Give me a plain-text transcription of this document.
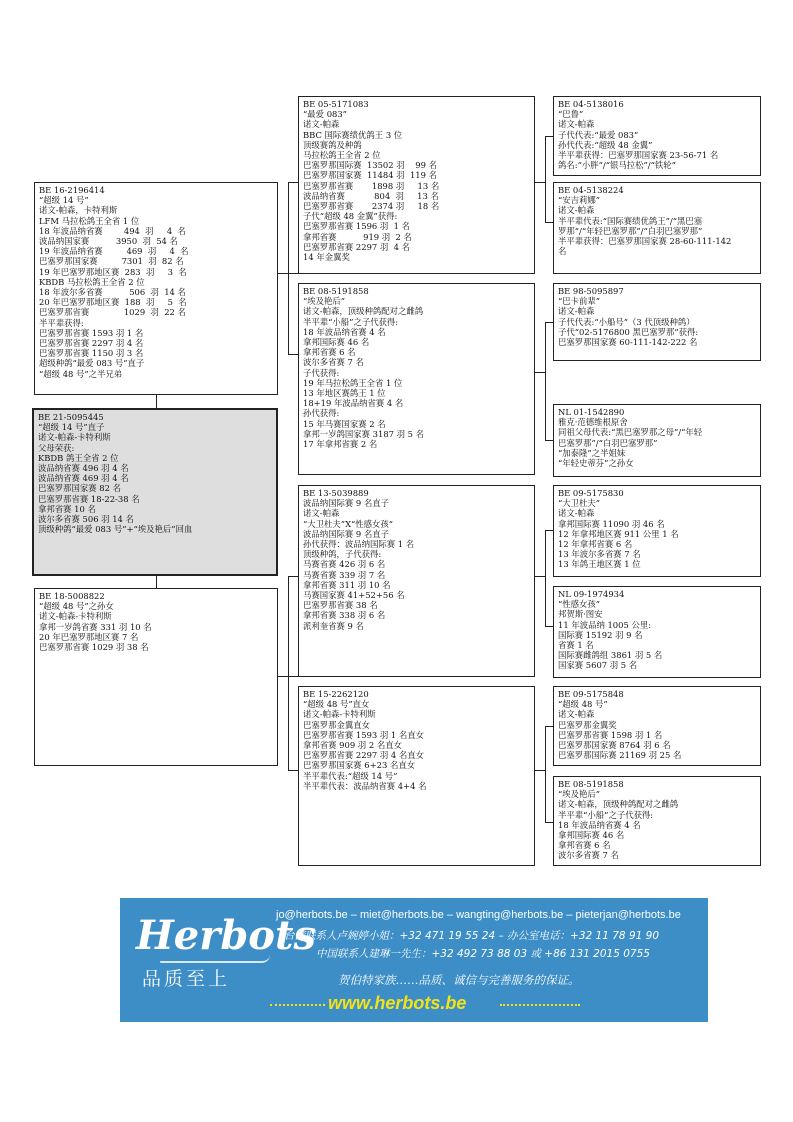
BE 16-2196414
“超级 14 号”
诺文-帕森，卡特利斯
LFM 马拉松鸽王全省 1 位
18 年波品纳省赛        494  羽     4  名
波品纳国家赛          3950  羽  54 名
19 年波品纳省赛         469  羽     4  名
巴塞罗那国家赛         7301  羽  82 名
19 年巴塞罗那地区赛  283  羽     3  名
KBDB 马拉松鸽王全省 2 位
18 年波尔多省赛          506  羽  14 名
20 年巴塞罗那地区赛  188  羽     5  名
巴塞罗那省赛             1029  羽  22 名
半平辈获得:
巴塞罗那省赛 1593 羽 1 名
巴塞罗那省赛 2297 羽 4 名
巴塞罗那省赛 1150 羽 3 名
超级种鸽“最爱 083 号”直子
“超级 48 号”之半兄弟
BE 21-5095445
“超级 14 号”直子
诺文-帕森-卡特利斯
父母荣获:
KBDB 鸽王全省 2 位
波品纳省赛 496 羽 4 名
波品纳省赛 469 羽 4 名
巴塞罗那国家赛 82 名
巴塞罗那省赛 18-22-38 名
拿邦省赛 10 名
波尔多省赛 506 羽 14 名
顶级种鸽“最爱 083 号”+“埃及艳后”回血
BE 18-5008822
“超级 48 号”之孙女
诺文-帕森-卡特利斯
拿邦一岁鸽省赛 331 羽 10 名
20 年巴塞罗那地区赛 7 名
巴塞罗那省赛 1029 羽 38 名
BE 05-5171083
“最爱 083”
诺文-帕森
BBC 国际赛绩优鸽王 3 位
顶级赛鸽及种鸽
马拉松鸽王全省 2 位
巴塞罗那国际赛  13502 羽    99 名
巴塞罗那国家赛  11484 羽  119 名
巴塞罗那省赛       1898 羽     13 名
波品纳省赛           804  羽     13 名
巴塞罗那省赛       2374 羽     18 名
子代“超级 48 金翼”获得:
巴塞罗那省赛 1596 羽  1 名
拿邦省赛          919 羽  2 名
巴塞罗那省赛 2297 羽  4 名
14 年金翼奖
BE 08-5191858
“埃及艳后”
诺文-帕森，顶级种鸽配对之雌鸽
半平辈“小船”之子代获得:
18 年波品纳省赛 4 名
拿邦国际赛 46 名
拿邦省赛 6 名
波尔多省赛 7 名
子代获得:
19 年马拉松鸽王全省 1 位
13 年地区赛鸽王 1 位
18+19 年波品纳省赛 4 名
孙代获得:
15 年马赛国家赛 2 名
拿邦一岁鸽国家赛 3187 羽 5 名
17 年拿邦省赛 2 名
BE 13-5039889
波品纳国际赛 9 名直子
诺文-帕森
“大卫杜夫”X“性感女孩”
波品纳国际赛 9 名直子
孙代获得：波品纳国际赛 1 名
顶级种鸽，子代获得:
马赛省赛 426 羽 6 名
马赛省赛 339 羽 7 名
拿邦省赛 311 羽 10 名
马赛国家赛 41+52+56 名
巴塞罗那省赛 38 名
拿邦省赛 338 羽 6 名
派利奎省赛 9 名
BE 15-2262120
“超级 48 号”直女
诺文-帕森-卡特利斯
巴塞罗那金翼直女
巴塞罗那省赛 1593 羽 1 名直女
拿邦省赛 909 羽 2 名直女
巴塞罗那省赛 2297 羽 4 名直女
巴塞罗那国家赛 6+23 名直女
半平辈代表:“超级 14 号”
半平辈代表：波品纳省赛 4+4 名
BE 04-5138016
“巴鲁”
诺文-帕森
子代代表:“最爱 083”
孙代代表:“超级 48 金翼”
半平辈获得：巴塞罗那国家赛 23-56-71 名
鸽名:“小胖”/“银马拉松”/“铁轮”
BE 04-5138224
“安吉莉娜”
诺文-帕森
半平辈代表:“国际赛绩优鸽王”/“黑巴塞
罗那”/“年轻巴塞罗那”/“白羽巴塞罗那”
半平辈获得：巴塞罗那国家赛 28-60-111-142
名
BE 98-5095897
“巴卡前辈”
诺文-帕森
子代代表:“小船号”（3 代顶级种鸽）
子代“02-5176800 黑巴塞罗那”获得:
巴塞罗那国家赛 60-111-142-222 名
NL 01-1542890
雅克·范德维根原舍
同祖父母代表:“黑巴塞罗那之母”/“年轻
巴塞罗那”/“白羽巴塞罗那”
“加泰隆”之半姐妹
“年轻史蒂芬”之孙女
BE 09-5175830
“大卫杜夫”
诺文-帕森
拿邦国际赛 11090 羽 46 名
12 年拿邦地区赛 911 公里 1 名
12 年拿邦省赛 6 名
13 年波尔多省赛 7 名
13 年鸽王地区赛 1 位
NL 09-1974934
“性感女孩”
邦贺斯·图安
11 年波品纳 1005 公里:
国际赛 15192 羽 9 名
省赛 1 名
国际赛雌鸽组 3861 羽 5 名
国家赛 5607 羽 5 名
BE 09-5175848
“超级 48 号”
诺文-帕森
巴塞罗那金翼奖
巴塞罗那省赛 1598 羽 1 名
巴塞罗那国家赛 8764 羽 6 名
巴塞罗那国际赛 21169 羽 25 名
BE 08-5191858
“埃及艳后”
诺文-帕森，顶级种鸽配对之雌鸽
半平辈“小船”之子代获得:
18 年波品纳省赛 4 名
拿邦国际赛 46 名
拿邦省赛 6 名
波尔多省赛 7 名
Herbots
品质至上
jo@herbots.be – miet@herbots.be – wangting@herbots.be – pieterjan@herbots.be
台湾联系人卢婉婷小姐：+32 471 19 55 24 – 办公室电话：+32 11 78 91 90
中国联系人建琳一先生：+32 492 73 88 03 或 +86 131 2015 0755
贺伯特家族……品质、诚信与完善服务的保证。
www.herbots.be
